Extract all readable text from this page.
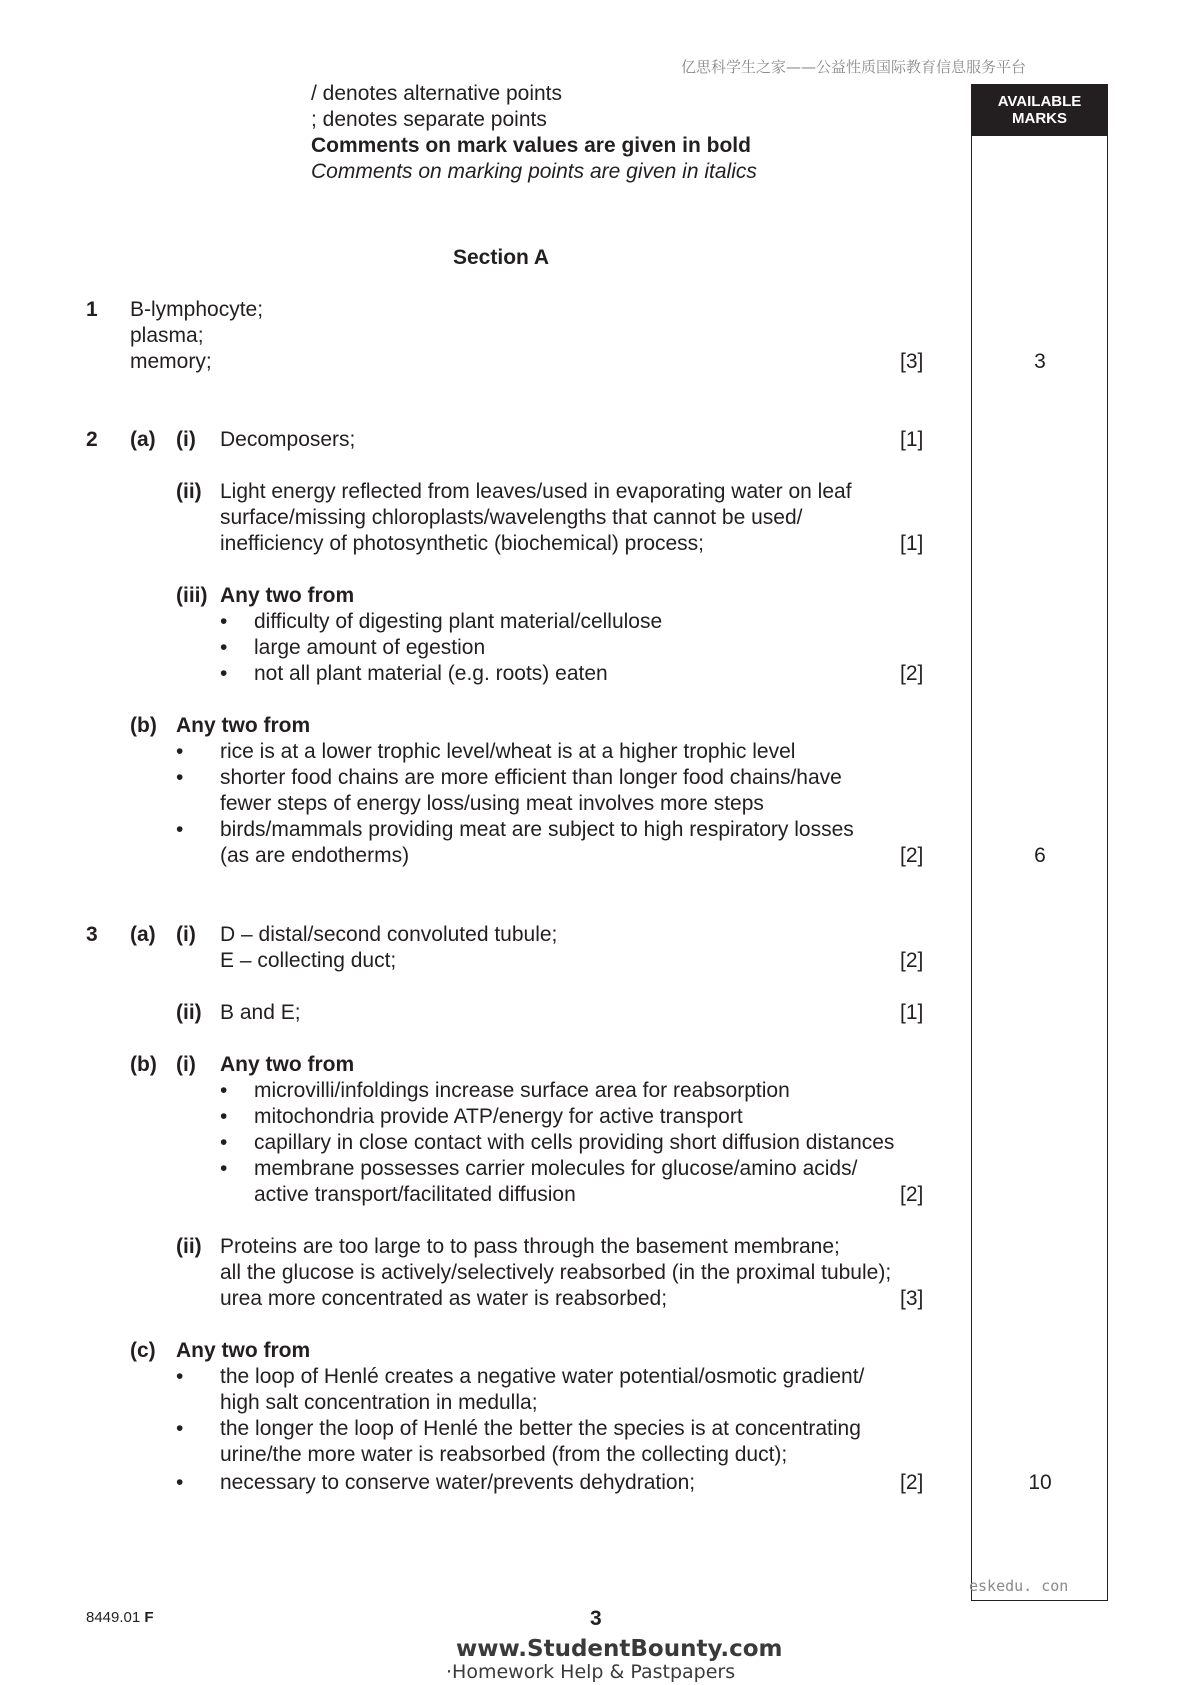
亿思科学生之家——公益性质国际教育信息服务平台
/ denotes alternative points
; denotes separate points
Comments on mark values are given in bold
Comments on marking points are given in italics
AVAILABLE
MARKS
Section A
1 B-lymphocyte;
plasma;
memory;	[3]	3
2 (a) (i) Decomposers;	[1]
(ii) Light energy reflected from leaves/used in evaporating water on leaf
surface/missing chloroplasts/wavelengths that cannot be used/
inefficiency of photosynthetic (biochemical) process;	[1]
(iii) Any two from
• difficulty of digesting plant material/cellulose
• large amount of egestion
• not all plant material (e.g. roots) eaten	[2]
(b) Any two from
• rice is at a lower trophic level/wheat is at a higher trophic level
• shorter food chains are more efficient than longer food chains/have
fewer steps of energy loss/using meat involves more steps
• birds/mammals providing meat are subject to high respiratory losses
(as are endotherms)	[2]	6
3 (a) (i) D – distal/second convoluted tubule;
E – collecting duct;	[2]
(ii) B and E;	[1]
(b) (i) Any two from
• microvilli/infoldings increase surface area for reabsorption
• mitochondria provide ATP/energy for active transport
• capillary in close contact with cells providing short diffusion distances
• membrane possesses carrier molecules for glucose/amino acids/
active transport/facilitated diffusion	[2]
(ii) Proteins are too large to to pass through the basement membrane;
all the glucose is actively/selectively reabsorbed (in the proximal tubule);
urea more concentrated as water is reabsorbed;	[3]
(c) Any two from
• the loop of Henlé creates a negative water potential/osmotic gradient/
high salt concentration in medulla;
• the longer the loop of Henlé the better the species is at concentrating
urine/the more water is reabsorbed (from the collecting duct);
• necessary to conserve water/prevents dehydration;	[2]	10
eskedu. con
8449.01 F	3
www.StudentBounty.com
·Homework Help & Pastpapers
